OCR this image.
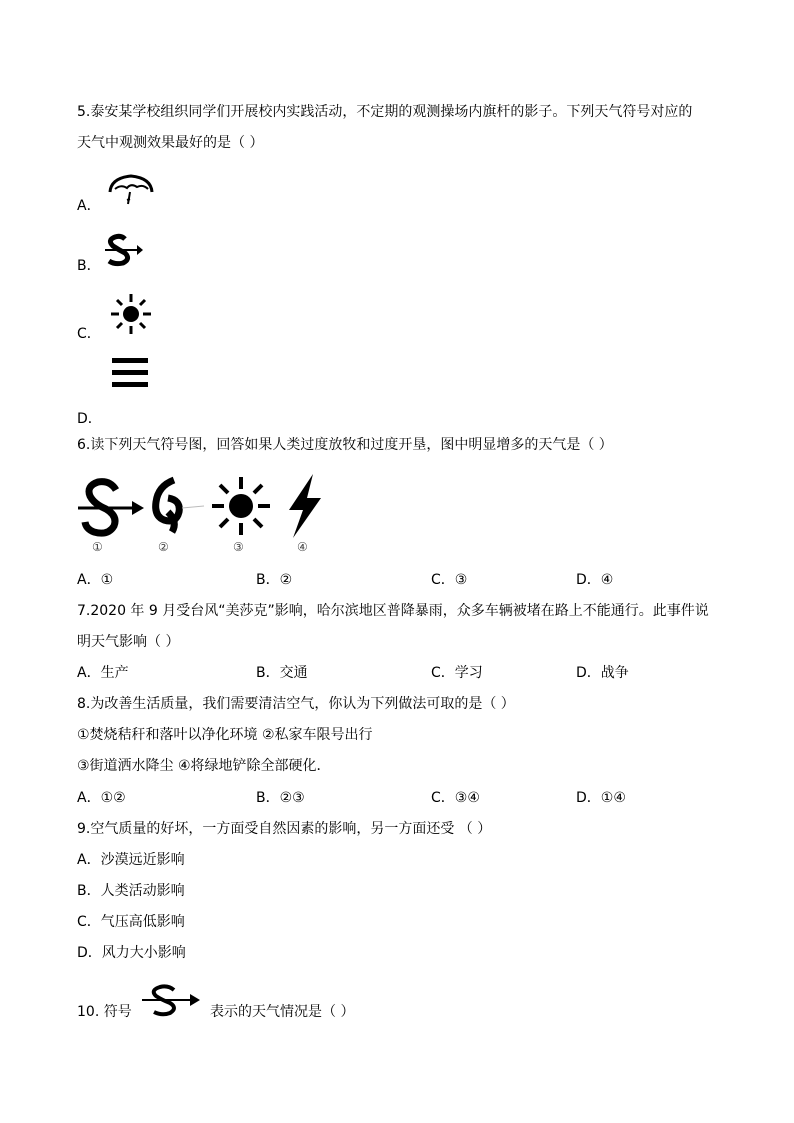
5.泰安某学校组织同学们开展校内实践活动，不定期的观测操场内旗杆的影子。下列天气符号对应的
天气中观测效果最好的是（ ）
A．
B．
C．
D．
6.读下列天气符号图，回答如果人类过度放牧和过度开垦，图中明显增多的天气是（ ）
①	②	③	④
A．①	B．②	C．③	D．④
7.2020 年 9 月受台风“美莎克”影响，哈尔滨地区普降暴雨，众多车辆被堵在路上不能通行。此事件说
明天气影响（ ）
A．生产	B．交通	C．学习	D．战争
8.为改善生活质量，我们需要清洁空气，你认为下列做法可取的是（ ）
①焚烧秸秆和落叶以净化环境 ②私家车限号出行
③街道洒水降尘 ④将绿地铲除全部硬化．
A．①②	B．②③	C．③④	D．①④
9.空气质量的好坏，一方面受自然因素的影响，另一方面还受 （ ）
A．沙漠远近影响
B．人类活动影响
C．气压高低影响
D．风力大小影响
10. 符号	表示的天气情况是（ ）
